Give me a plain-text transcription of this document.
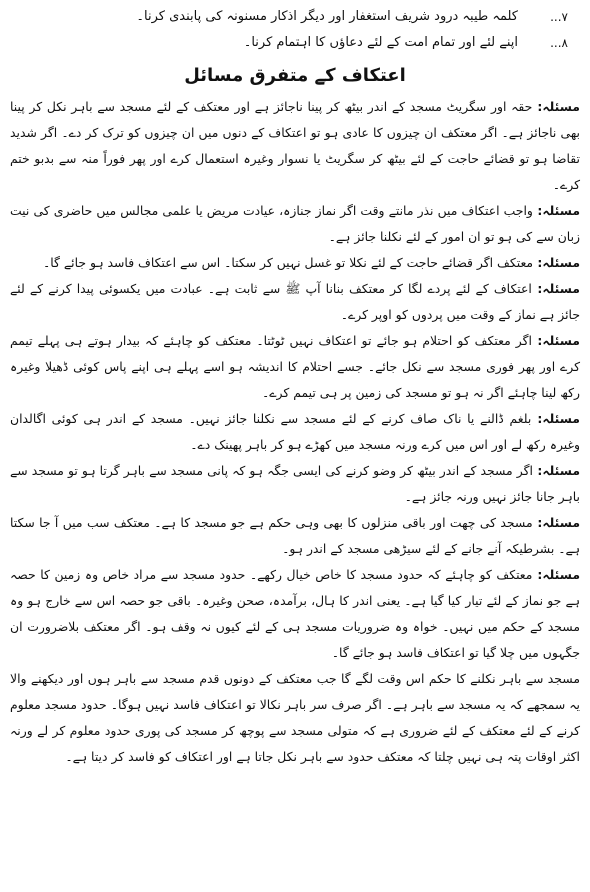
...۷
کلمہ طیبہ درود شریف استغفار اور دیگر اذکار مسنونہ کی پابندی کرنا۔
...۸
اپنے لئے اور تمام امت کے لئے دعاؤں کا اہتمام کرنا۔
اعتکاف کے متفرق مسائل

مسئلہ: حقہ اور سگریٹ مسجد کے اندر بیٹھ کر پینا ناجائز ہے اور معتکف کے لئے مسجد سے باہر نکل کر پینا بھی ناجائز ہے۔ اگر معتکف ان چیزوں کا عادی ہو تو اعتکاف کے دنوں میں ان چیزوں کو ترک کر دے۔ اگر شدید تقاضا ہو تو قضائے حاجت کے لئے بیٹھ کر سگریٹ یا نسوار وغیرہ استعمال کرے اور پھر فوراً منہ سے بدبو ختم کرے۔

مسئلہ: واجب اعتکاف میں نذر مانتے وقت اگر نماز جنازہ، عیادت مریض یا علمی مجالس میں حاضری کی نیت زبان سے کی ہو تو ان امور کے لئے نکلنا جائز ہے۔

مسئلہ: معتکف اگر قضائے حاجت کے لئے نکلا تو غسل نہیں کر سکتا۔ اس سے اعتکاف فاسد ہو جائے گا۔

مسئلہ: اعتکاف کے لئے پردے لگا کر معتکف بنانا آپ ﷺ سے ثابت ہے۔ عبادت میں یکسوئی پیدا کرنے کے لئے جائز ہے نماز کے وقت میں پردوں کو اوپر کرے۔

مسئلہ: اگر معتکف کو احتلام ہو جائے تو اعتکاف نہیں ٹوٹتا۔ معتکف کو چاہئے کہ بیدار ہوتے ہی پہلے تیمم کرے اور پھر فوری مسجد سے نکل جائے۔ جسے احتلام کا اندیشہ ہو اسے پہلے ہی اپنے پاس کوئی ڈھیلا وغیرہ رکھ لینا چاہئے اگر نہ ہو تو مسجد کی زمین پر ہی تیمم کرے۔

مسئلہ: بلغم ڈالنے یا ناک صاف کرنے کے لئے مسجد سے نکلنا جائز نہیں۔ مسجد کے اندر ہی کوئی اگالدان وغیرہ رکھ لے اور اس میں کرے ورنہ مسجد میں کھڑے ہو کر باہر پھینک دے۔

مسئلہ: اگر مسجد کے اندر بیٹھ کر وضو کرنے کی ایسی جگہ ہو کہ پانی مسجد سے باہر گرتا ہو تو مسجد سے باہر جانا جائز نہیں ورنہ جائز ہے۔

مسئلہ: مسجد کی چھت اور باقی منزلوں کا بھی وہی حکم ہے جو مسجد کا ہے۔ معتکف سب میں آ جا سکتا ہے۔ بشرطیکہ آنے جانے کے لئے سیڑھی مسجد کے اندر ہو۔

مسئلہ: معتکف کو چاہئے کہ حدود مسجد کا خاص خیال رکھے۔ حدود مسجد سے مراد خاص وہ زمین کا حصہ ہے جو نماز کے لئے تیار کیا گیا ہے۔ یعنی اندر کا ہال، برآمدہ، صحن وغیرہ۔ باقی جو حصہ اس سے خارج ہو وہ مسجد کے حکم میں نہیں۔ خواہ وہ ضروریات مسجد ہی کے لئے کیوں نہ وقف ہو۔ اگر معتکف بلاضرورت ان جگہوں میں چلا گیا تو اعتکاف فاسد ہو جائے گا۔

مسجد سے باہر نکلنے کا حکم اس وقت لگے گا جب معتکف کے دونوں قدم مسجد سے باہر ہوں اور دیکھنے والا یہ سمجھے کہ یہ مسجد سے باہر ہے۔ اگر صرف سر باہر نکالا تو اعتکاف فاسد نہیں ہوگا۔ حدود مسجد معلوم کرنے کے لئے معتکف کے لئے ضروری ہے کہ متولی مسجد سے پوچھ کر مسجد کی پوری حدود معلوم کر لے ورنہ اکثر اوقات پتہ ہی نہیں چلتا کہ معتکف حدود سے باہر نکل جاتا ہے اور اعتکاف کو فاسد کر دیتا ہے۔
